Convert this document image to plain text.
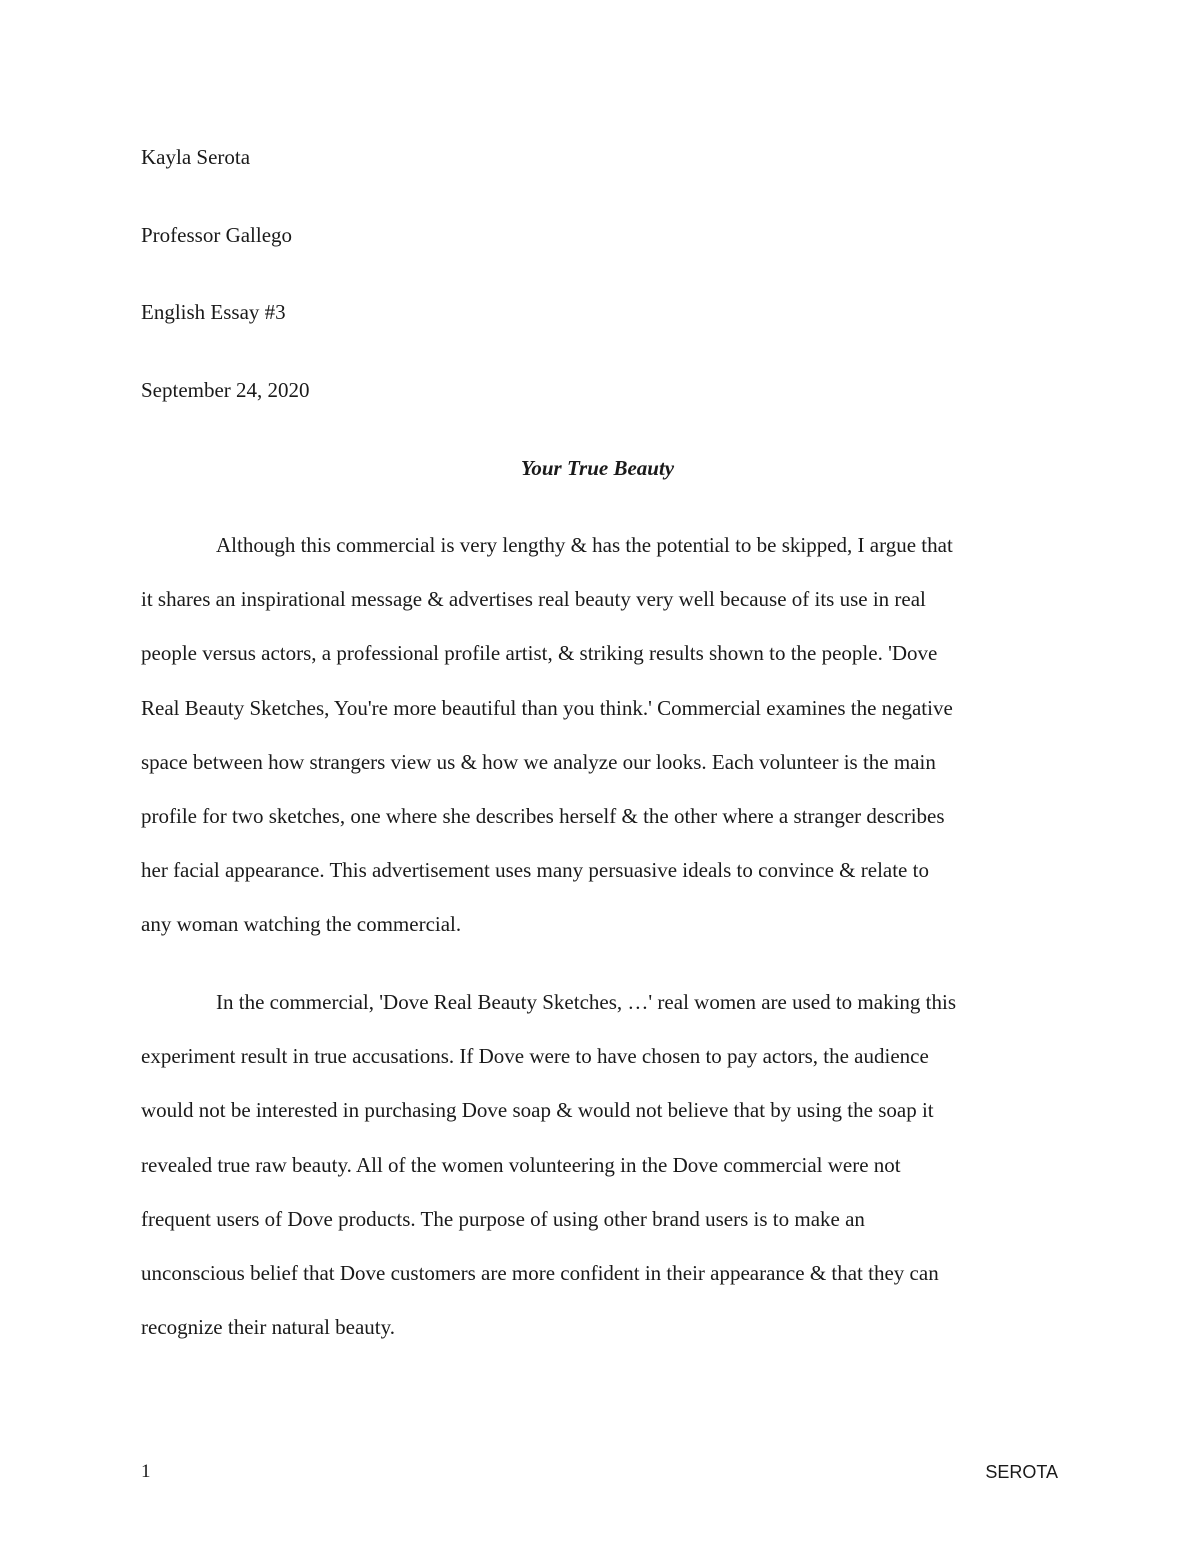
Kayla Serota
Professor Gallego
English Essay #3
September 24, 2020
Your True Beauty
Although this commercial is very lengthy & has the potential to be skipped, I argue that
it shares an inspirational message & advertises real beauty very well because of its use in real
people versus actors, a professional profile artist, & striking results shown to the people. 'Dove
Real Beauty Sketches, You're more beautiful than you think.' Commercial examines the negative
space between how strangers view us & how we analyze our looks. Each volunteer is the main
profile for two sketches, one where she describes herself & the other where a stranger describes
her facial appearance. This advertisement uses many persuasive ideals to convince & relate to
any woman watching the commercial.
In the commercial, 'Dove Real Beauty Sketches, …' real women are used to making this
experiment result in true accusations. If Dove were to have chosen to pay actors, the audience
would not be interested in purchasing Dove soap & would not believe that by using the soap it
revealed true raw beauty. All of the women volunteering in the Dove commercial were not
frequent users of Dove products. The purpose of using other brand users is to make an
unconscious belief that Dove customers are more confident in their appearance & that they can
recognize their natural beauty.
1	SEROTA
